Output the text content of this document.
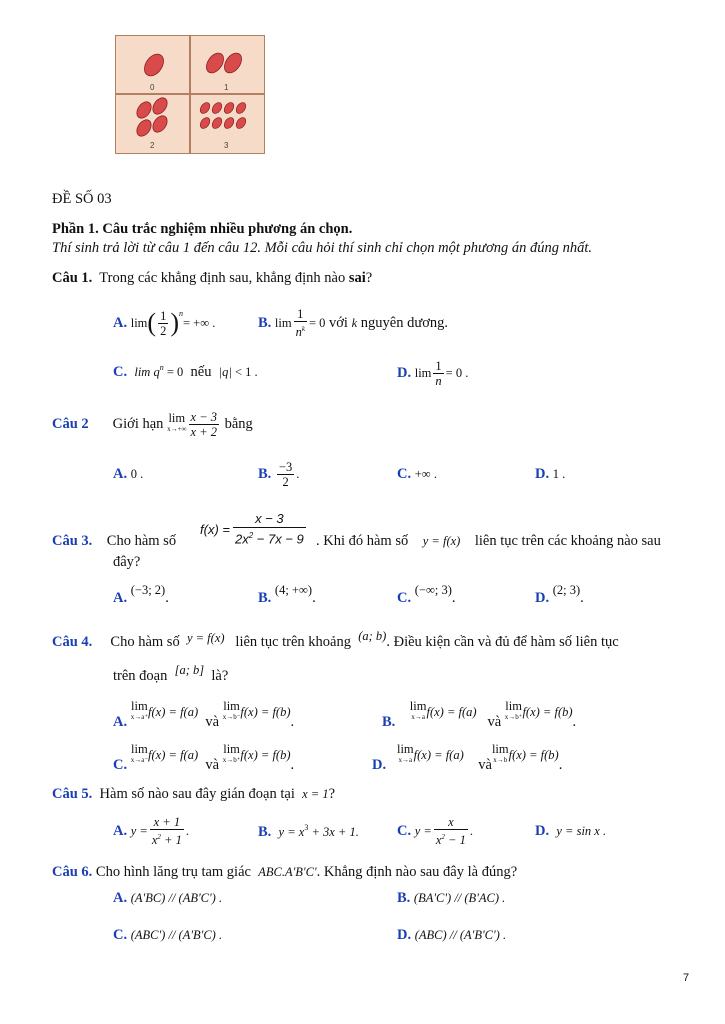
0	1
2	3
ĐỀ SỐ 03
Phần 1. Câu trắc nghiệm nhiều phương án chọn.
Thí sinh trả lời từ câu 1 đến câu 12. Mỗi câu hỏi thí sinh chỉ chọn một phương án đúng nhất.
Câu 1. Trong các khẳng định sau, khẳng định nào sai?
A.
lim ( $\frac{1}{2} )^n$
= +∞ .	B.
$\lim \frac{1}{n^k} = 0$
với
k
nguyên dương.
C. $\lim q^n = 0$ nếu |q| < 1 .	D.
$\lim \frac{1}{n} = 0$ .
Câu 2 Giới hạn
lim
$x\to+\infty \frac{x - 3}{x + 2}$
bằng
A. 0 .	B.
$\frac{-3}{2}$ .	C. +∞ .	D. 1 .
Câu 3. Cho hàm số
$f(x) = \frac{x - 3}{2x^2 - 7x - 9}$ . Khi đó hàm số y = f(x) liên tục trên các khoảng nào sau
đây?
A. (−3; 2).	B. (4; +∞).	C. (−∞; 3).	D. (2; 3).
Câu 4. Cho hàm số y = f(x) liên tục trên khoảng (a; b). Điều kiện cần và đủ để hàm số liên tục
trên đoạn [a; b] là?
A.

lim
x→a⁺ f(x) = f(a)

và

lim
x→b⁻ f(x) = f(b)
.	B.

lim
x→a f(x) = f(a)

và

lim
x→b⁺ f(x) = f(b)
.
C.

lim
x→a⁻ f(x) = f(a)

và

lim
x→b⁺ f(x) = f(b)
.	D.

lim
x→a f(x) = f(a)

và
lim
x→b f(x) = f(b)
.
Câu 5. Hàm số nào sau đây gián đoạn tại x = 1?
A.
$y = \frac{x + 1}{x^2 + 1}$ .	B. $y = x^3 + 3x + 1$.	C.
$y = \frac{x}{x^2 - 1}$ .	D. y = sin x .
Câu 6. Cho hình lăng trụ tam giác ABC.A'B'C'. Khẳng định nào sau đây là đúng?
A. (A'BC) // (AB'C') .	B. (BA'C') // (B'AC) .
C. (ABC') // (A'B'C) .	D. (ABC) // (A'B'C') .
7
